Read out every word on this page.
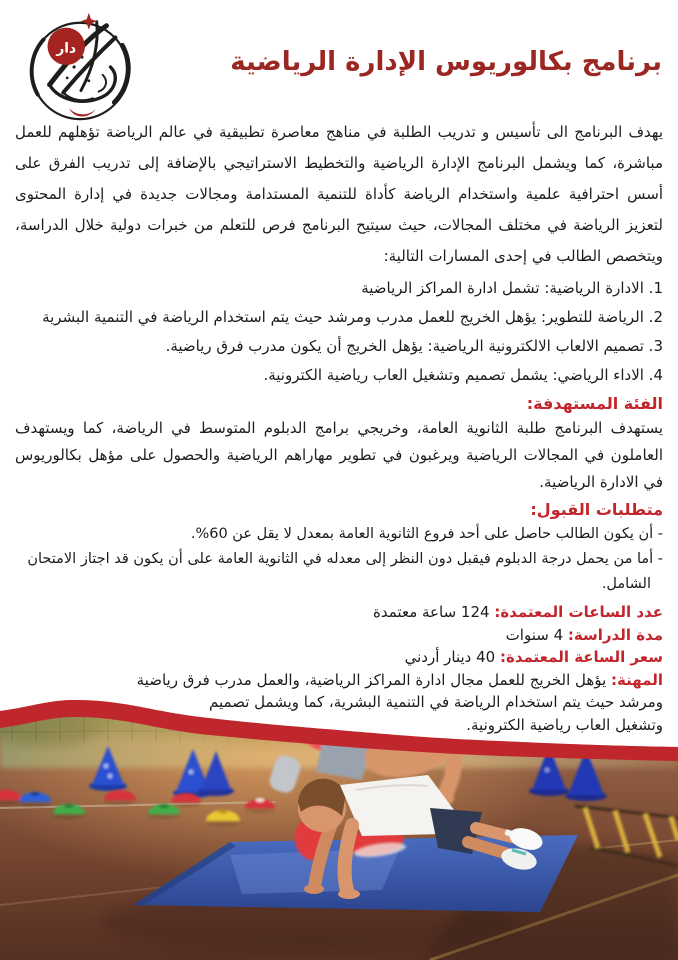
دار	برنامج بكالوريوس الإدارة الرياضية

يهدف البرنامج الى تأسيس و تدريب الطلبة في مناهج معاصرة تطبيقية في عالم الرياضة تؤهلهم للعمل مباشرة، كما ويشمل البرنامج الإدارة الرياضية والتخطيط الاستراتيجي بالإضافة إلى تدريب الفرق على أسس احترافية علمية واستخدام الرياضة كأداة للتنمية المستدامة ومجالات جديدة في إدارة المحتوى لتعزيز الرياضة في مختلف المجالات، حيث سيتيح البرنامج فرص للتعلم من خبرات دولية خلال الدراسة، ويتخصص الطالب في إحدى المسارات التالية:

1. الادارة الرياضية: تشمل ادارة المراكز الرياضية
2. الرياضة للتطوير: يؤهل الخريج للعمل مدرب ومرشد حيث يتم استخدام الرياضة في التنمية البشرية
3. تصميم الالعاب الالكترونية الرياضية: يؤهل الخريج أن يكون مدرب فرق رياضية.
4. الاداء الرياضي: يشمل تصميم وتشغيل العاب رياضية الكترونية.
الفئة المستهدفة:

يستهدف البرنامج طلبة الثانوية العامة، وخريجي برامج الدبلوم المتوسط في الرياضة، كما ويستهدف العاملون في المجالات الرياضية ويرغبون في تطوير مهاراهم الرياضية والحصول على مؤهل بكالوريوس في الادارة الرياضية.

متطلبات القبول:
- أن يكون الطالب حاصل على أحد فروع الثانوية العامة بمعدل لا يقل عن 60%.
- أما من يحمل درجة الدبلوم فيقبل دون النظر إلى معدله في الثانوية العامة على أن يكون قد اجتاز الامتحان الشامل.
عدد الساعات المعتمدة: 124 ساعة معتمدة
مدة الدراسة: 4 سنوات
سعر الساعة المعتمدة: 40 دينار أردني
المهنة: يؤهل الخريج للعمل مجال ادارة المراكز الرياضية، والعمل مدرب فرق رياضية
ومرشد حيث يتم استخدام الرياضة في التنمية البشرية، كما ويشمل تصميم
وتشغيل العاب رياضية الكترونية.
